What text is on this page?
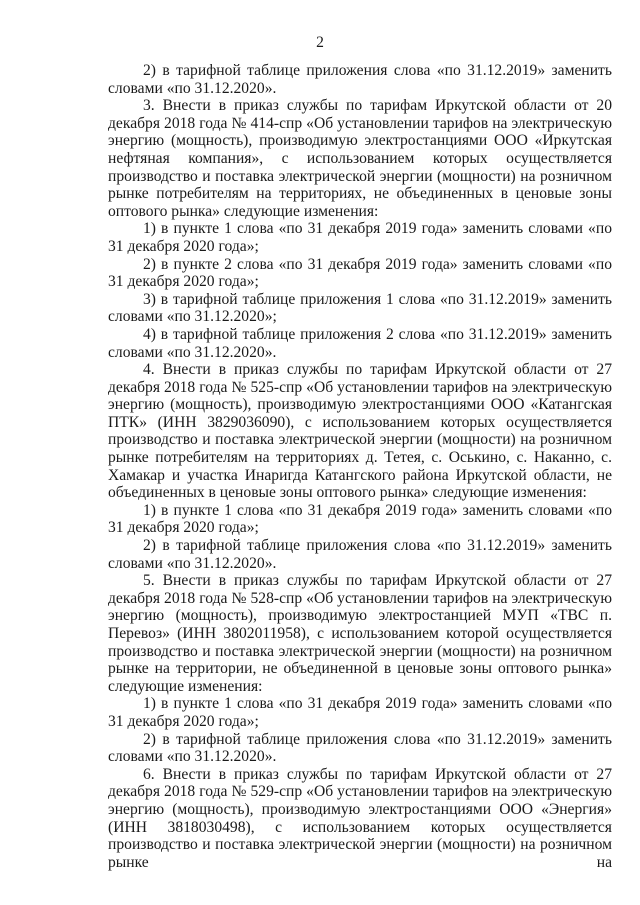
2

2) в тарифной таблице приложения слова «по 31.12.2019» заменить словами «по 31.12.2020».

3. Внести в приказ службы по тарифам Иркутской области от 20 декабря 2018 года № 414-спр «Об установлении тарифов на электрическую энергию (мощность), производимую электростанциями ООО «Иркутская нефтяная компания», с использованием которых осуществляется производство и поставка электрической энергии (мощности) на розничном рынке потребителям на территориях, не объединенных в ценовые зоны оптового рынка» следующие изменения:

1) в пункте 1 слова «по 31 декабря 2019 года» заменить словами «по 31 декабря 2020 года»;

2) в пункте 2 слова «по 31 декабря 2019 года» заменить словами «по 31 декабря 2020 года»;

3) в тарифной таблице приложения 1 слова «по 31.12.2019» заменить словами «по 31.12.2020»;

4) в тарифной таблице приложения 2 слова «по 31.12.2019» заменить словами «по 31.12.2020».

4. Внести в приказ службы по тарифам Иркутской области от 27 декабря 2018 года № 525-спр «Об установлении тарифов на электрическую энергию (мощность), производимую электростанциями ООО «Катангская ПТК» (ИНН 3829036090), с использованием которых осуществляется производство и поставка электрической энергии (мощности) на розничном рынке потребителям на территориях д. Тетея, с. Оськино, с. Наканно, с. Хамакар и участка Инаригда Катангского района Иркутской области, не объединенных в ценовые зоны оптового рынка» следующие изменения:

1) в пункте 1 слова «по 31 декабря 2019 года» заменить словами «по 31 декабря 2020 года»;

2) в тарифной таблице приложения слова «по 31.12.2019» заменить словами «по 31.12.2020».

5. Внести в приказ службы по тарифам Иркутской области от 27 декабря 2018 года № 528-спр «Об установлении тарифов на электрическую энергию (мощность), производимую электростанцией МУП «ТВС п. Перевоз» (ИНН 3802011958), с использованием которой осуществляется производство и поставка электрической энергии (мощности) на розничном рынке на территории, не объединенной в ценовые зоны оптового рынка» следующие изменения:

1) в пункте 1 слова «по 31 декабря 2019 года» заменить словами «по 31 декабря 2020 года»;

2) в тарифной таблице приложения слова «по 31.12.2019» заменить словами «по 31.12.2020».

6. Внести в приказ службы по тарифам Иркутской области от 27 декабря 2018 года № 529-спр «Об установлении тарифов на электрическую энергию (мощность), производимую электростанциями ООО «Энергия» (ИНН 3818030498), с использованием которых осуществляется производство и поставка электрической энергии (мощности) на розничном рынке на
